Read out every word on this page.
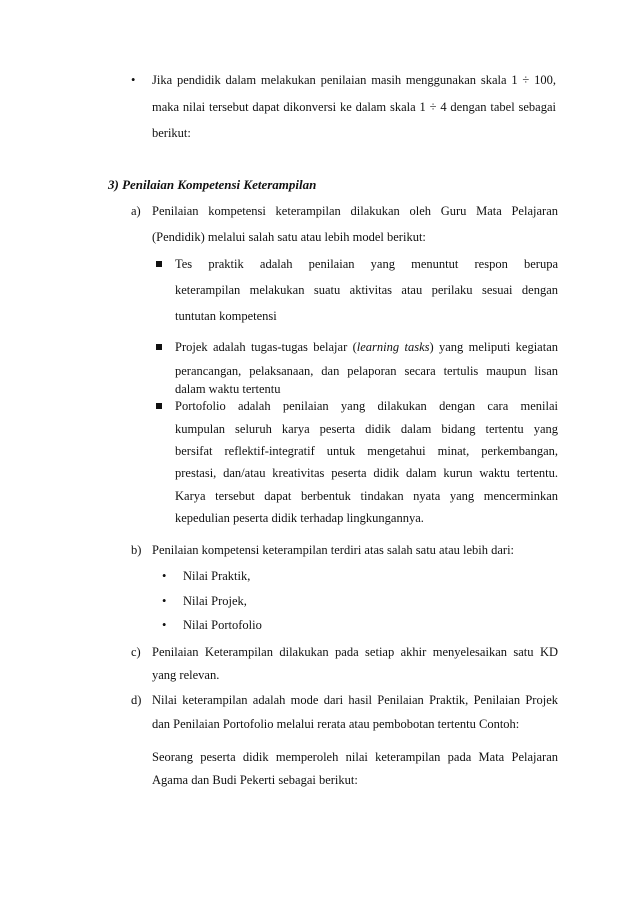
• Jika pendidik dalam melakukan penilaian masih menggunakan skala 1 ÷ 100,
maka nilai tersebut dapat dikonversi ke dalam skala 1 ÷ 4 dengan tabel sebagai
berikut:
3) Penilaian Kompetensi Keterampilan
a) Penilaian kompetensi keterampilan dilakukan oleh Guru Mata Pelajaran
(Pendidik) melalui salah satu atau lebih model berikut:
Tes praktik adalah penilaian yang menuntut respon berupa
keterampilan melakukan suatu aktivitas atau perilaku sesuai dengan
tuntutan kompetensi
Projek adalah tugas-tugas belajar (learning tasks) yang meliputi kegiatan
perancangan, pelaksanaan, dan pelaporan secara tertulis maupun lisan
dalam waktu tertentu
Portofolio adalah penilaian yang dilakukan dengan cara menilai
kumpulan seluruh karya peserta didik dalam bidang tertentu yang
bersifat reflektif-integratif untuk mengetahui minat, perkembangan,
prestasi, dan/atau kreativitas peserta didik dalam kurun waktu tertentu.
Karya tersebut dapat berbentuk tindakan nyata yang mencerminkan
kepedulian peserta didik terhadap lingkungannya.
b) Penilaian kompetensi keterampilan terdiri atas salah satu atau lebih dari:
• Nilai Praktik,
• Nilai Projek,
• Nilai Portofolio
c) Penilaian Keterampilan dilakukan pada setiap akhir menyelesaikan satu KD
yang relevan.
d) Nilai keterampilan adalah mode dari hasil Penilaian Praktik, Penilaian Projek
dan Penilaian Portofolio melalui rerata atau pembobotan tertentu Contoh:
Seorang peserta didik memperoleh nilai keterampilan pada Mata Pelajaran
Agama dan Budi Pekerti sebagai berikut:
